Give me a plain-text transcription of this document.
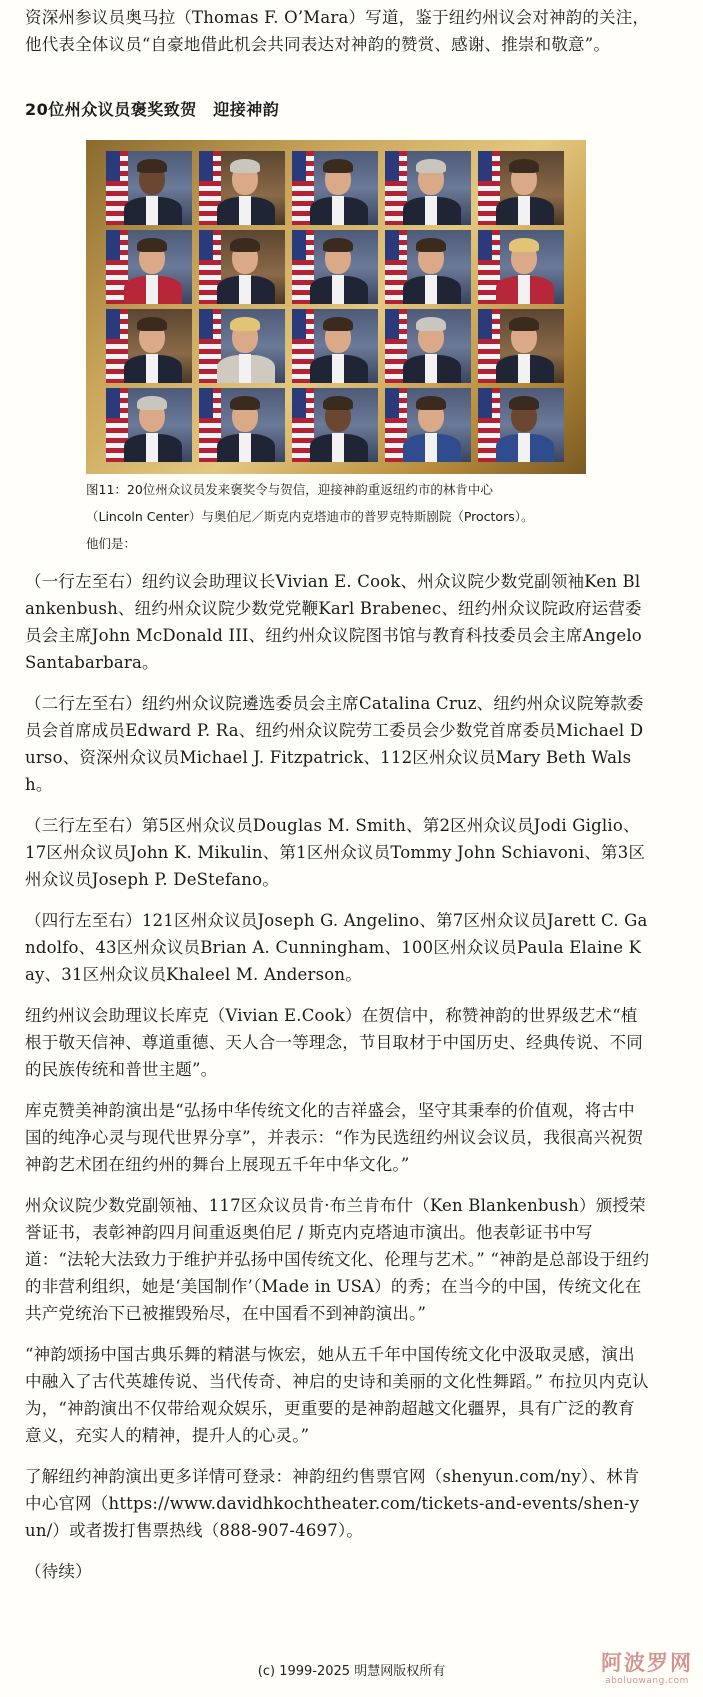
资深州参议员奥马拉（Thomas F. O’Mara）写道，鉴于纽约州议会对神韵的关注，他代表全体议员“自豪地借此机会共同表达对神韵的赞赏、感谢、推崇和敬意”。

20位州众议员褒奖致贺　迎接神韵
图11：20位州众议员发来褒奖令与贺信，迎接神韵重返纽约市的林肯中心（Lincoln Center）与奥伯尼／斯克内克塔迪市的普罗克特斯剧院（Proctors）。他们是：

（一行左至右）纽约议会助理议长Vivian E. Cook、州众议院少数党副领袖Ken Blankenbush、纽约州众议院少数党党鞭Karl Brabenec、纽约州众议院政府运营委员会主席John McDonald III、纽约州众议院图书馆与教育科技委员会主席Angelo Santabarbara。

（二行左至右）纽约州众议院遴选委员会主席Catalina Cruz、纽约州众议院筹款委员会首席成员Edward P. Ra、纽约州众议院劳工委员会少数党首席委员Michael Durso、资深州众议员Michael J. Fitzpatrick、112区州众议员Mary Beth Walsh。

（三行左至右）第5区州众议员Douglas M. Smith、第2区州众议员Jodi Giglio、17区州众议员John K. Mikulin、第1区州众议员Tommy John Schiavoni、第3区州众议员Joseph P. DeStefano。

（四行左至右）121区州众议员Joseph G. Angelino、第7区州众议员Jarett C. Gandolfo、43区州众议员Brian A. Cunningham、100区州众议员Paula Elaine Kay、31区州众议员Khaleel M. Anderson。

纽约州议会助理议长库克（Vivian E.Cook）在贺信中，称赞神韵的世界级艺术“植根于敬天信神、尊道重德、天人合一等理念，节目取材于中国历史、经典传说、不同的民族传统和普世主题”。

库克赞美神韵演出是“弘扬中华传统文化的吉祥盛会，坚守其秉奉的价值观，将古中国的纯净心灵与现代世界分享”，并表示：“作为民选纽约州议会议员，我很高兴祝贺神韵艺术团在纽约州的舞台上展现五千年中华文化。”

州众议院少数党副领袖、117区众议员肯·布兰肯布什（Ken Blankenbush）颁授荣誉证书，表彰神韵四月间重返奥伯尼 / 斯克内克塔迪市演出。他表彰证书中写道：“法轮大法致力于维护并弘扬中国传统文化、伦理与艺术。” “神韵是总部设于纽约的非营利组织，她是‘美国制作’（Made in USA）的秀；在当今的中国，传统文化在共产党统治下已被摧毁殆尽，在中国看不到神韵演出。”

“神韵颂扬中国古典乐舞的精湛与恢宏，她从五千年中国传统文化中汲取灵感，演出中融入了古代英雄传说、当代传奇、神启的史诗和美丽的文化性舞蹈。” 布拉贝内克认为，“神韵演出不仅带给观众娱乐，更重要的是神韵超越文化疆界，具有广泛的教育意义，充实人的精神，提升人的心灵。”

了解纽约神韵演出更多详情可登录：神韵纽约售票官网（shenyun.com/ny）、林肯中心官网（https://www.davidhkochtheater.com/tickets-and-events/shen-yun/）或者拨打售票热线（888-907-4697）。

（待续）

(c) 1999-2025 明慧网版权所有	阿波罗网
aboluowang.com
